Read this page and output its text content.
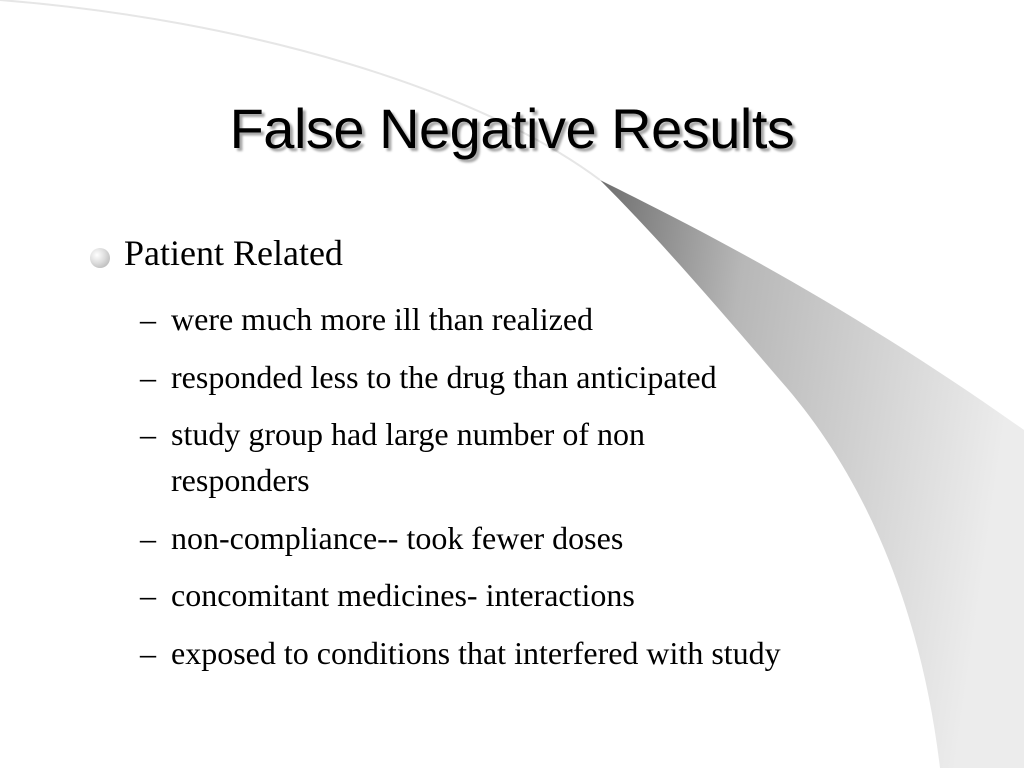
False Negative Results
Patient Related
– were much more ill than realized
– responded less to the drug than anticipated
– study group had large number of non responders
– non-compliance-- took fewer doses
– concomitant medicines- interactions
– exposed to conditions that interfered with study
